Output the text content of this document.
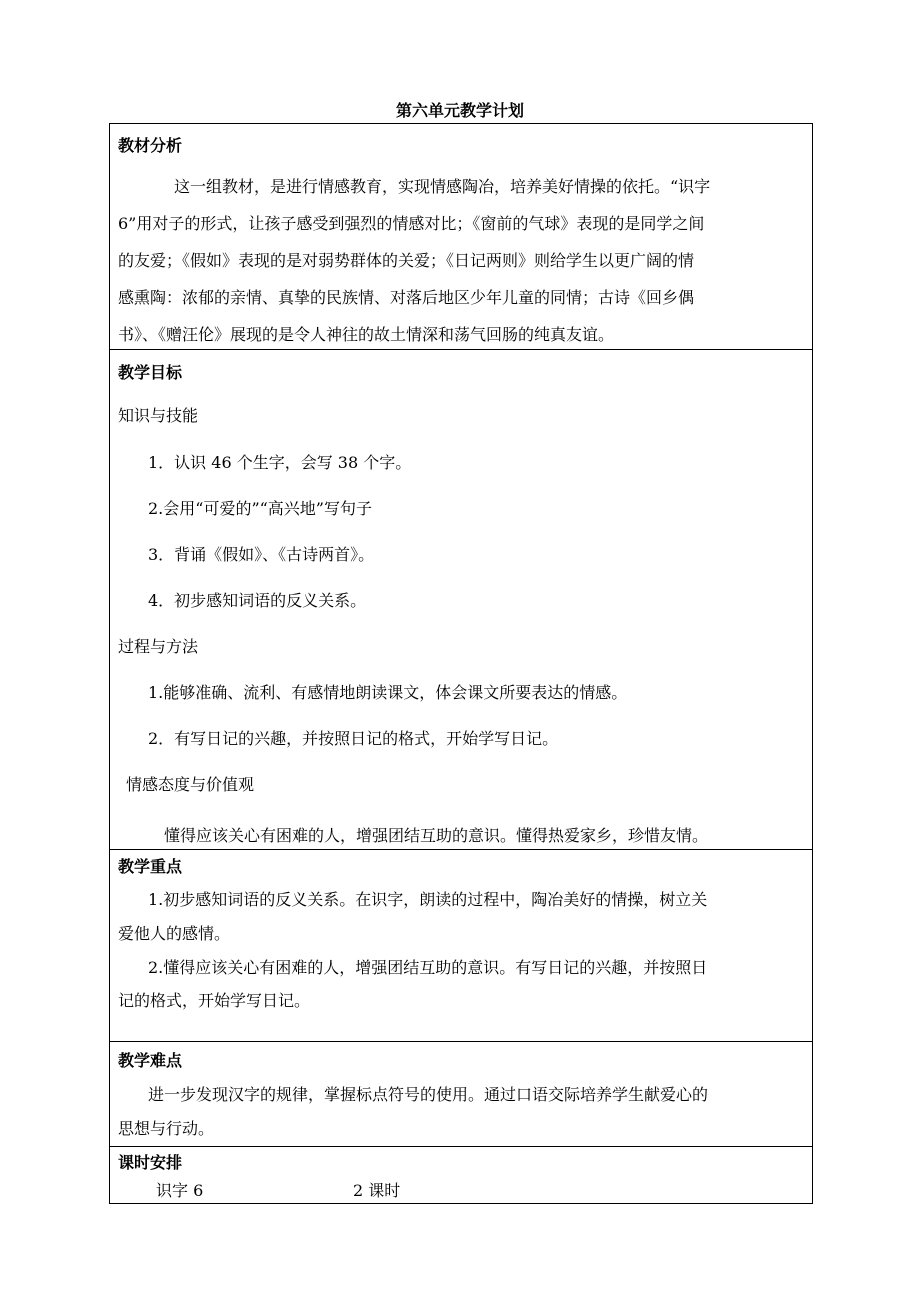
第六单元教学计划
教材分析
这一组教材，是进行情感教育，实现情感陶冶，培养美好情操的依托。“识字
6”用对子的形式，让孩子感受到强烈的情感对比；《窗前的气球》表现的是同学之间
的友爱；《假如》表现的是对弱势群体的关爱；《日记两则》则给学生以更广阔的情
感熏陶：浓郁的亲情、真挚的民族情、对落后地区少年儿童的同情；古诗《回乡偶
书》、《赠汪伦》展现的是令人神往的故土情深和荡气回肠的纯真友谊。
教学目标
知识与技能
1．认识 46 个生字，会写 38 个字。
2.会用“可爱的”“高兴地”写句子
3．背诵《假如》、《古诗两首》。
4．初步感知词语的反义关系。
过程与方法
1.能够准确、流利、有感情地朗读课文，体会课文所要表达的情感。
2．有写日记的兴趣，并按照日记的格式，开始学写日记。
情感态度与价值观
懂得应该关心有困难的人，增强团结互助的意识。懂得热爱家乡，珍惜友情。
教学重点
1.初步感知词语的反义关系。在识字，朗读的过程中，陶冶美好的情操，树立关
爱他人的感情。
2.懂得应该关心有困难的人，增强团结互助的意识。有写日记的兴趣，并按照日
记的格式，开始学写日记。
教学难点
进一步发现汉字的规律，掌握标点符号的使用。通过口语交际培养学生献爱心的
思想与行动。
课时安排
识字 6	2 课时
